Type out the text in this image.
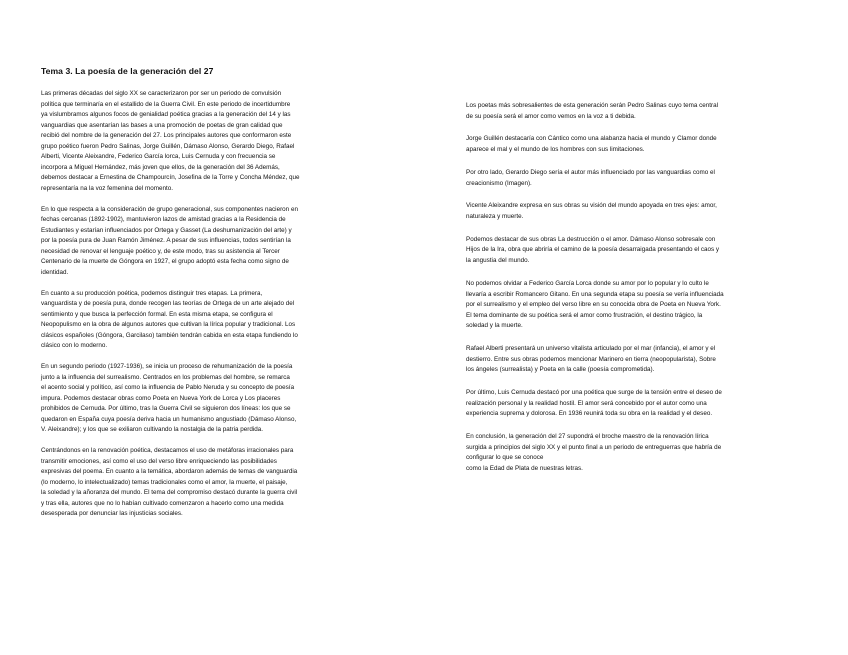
Tema 3. La poesía de la generación del 27

Las primeras décadas del siglo XX se caracterizaron por ser un periodo de convulsión
política que terminaría en el estallido de la Guerra Civil. En este periodo de incertidumbre
ya vislumbramos algunos focos de genialidad poética gracias a la generación del 14 y las
vanguardias que asentarían las bases a una promoción de poetas de gran calidad que
recibió del nombre de la generación del 27. Los principales autores que conformaron este
grupo poético fueron Pedro Salinas, Jorge Guillén, Dámaso Alonso, Gerardo Diego, Rafael
Alberti, Vicente Aleixandre, Federico García lorca, Luis Cernuda y con frecuencia se
incorpora a Miguel Hernández, más joven que ellos, de la generación del 36 Además,
debemos destacar a Ernestina de Champourcín, Josefina de la Torre y Concha Méndez, que
representaría na la voz femenina del momento.

En lo que respecta a la consideración de grupo generacional, sus componentes nacieron en
fechas cercanas (1892-1902), mantuvieron lazos de amistad gracias a la Residencia de
Estudiantes y estarían influenciados por Ortega y Gasset (La deshumanización del arte) y
por la poesía pura de Juan Ramón Jiménez. A pesar de sus influencias, todos sentirían la
necesidad de renovar el lenguaje poético y, de este modo, tras su asistencia al Tercer
Centenario de la muerte de Góngora en 1927, el grupo adoptó esta fecha como signo de
identidad.

En cuanto a su producción poética, podemos distinguir tres etapas. La primera,
vanguardista y de poesía pura, donde recogen las teorías de Ortega de un arte alejado del
sentimiento y que busca la perfección formal. En esta misma etapa, se configura el
Neopopulismo en la obra de algunos autores que cultivan la lírica popular y tradicional. Los
clásicos españoles (Góngora, Garcilaso) también tendrán cabida en esta etapa fundiendo lo
clásico con lo moderno.

En un segundo periodo (1927-1936), se inicia un proceso de rehumanización de la poesía
junto a la influencia del surrealismo. Centrados en los problemas del hombre, se remarca
el acento social y político, así como la influencia de Pablo Neruda y su concepto de poesía
impura. Podemos destacar obras como Poeta en Nueva York de Lorca y Los placeres
prohibidos de Cernuda. Por último, tras la Guerra Civil se siguieron dos líneas: los que se
quedaron en España cuya poesía deriva hacia un humanismo angustiado (Dámaso Alonso,
V. Aleixandre); y los que se exiliaron cultivando la nostalgia de la patria perdida.

Centrándonos en la renovación poética, destacamos el uso de metáforas irracionales para
transmitir emociones, así como el uso del verso libre enriqueciendo las posibilidades
expresivas del poema. En cuanto a la temática, abordaron además de temas de vanguardia
(lo moderno, lo intelectualizado) temas tradicionales como el amor, la muerte, el paisaje,
la soledad y la añoranza del mundo. El tema del compromiso destacó durante la guerra civil
y tras ella, autores que no lo habían cultivado comenzaron a hacerlo como una medida
desesperada por denunciar las injusticias sociales.

Los poetas más sobresalientes de esta generación serán Pedro Salinas cuyo tema central
de su poesía será el amor como vemos en la voz a ti debida.

Jorge Guillén destacaría con Cántico como una alabanza hacia el mundo y Clamor donde
aparece el mal y el mundo de los hombres con sus limitaciones.

Por otro lado, Gerardo Diego sería el autor más influenciado por las vanguardias como el
creacionismo (Imagen).

Vicente Aleixandre expresa en sus obras su visión del mundo apoyada en tres ejes: amor,
naturaleza y muerte.

Podemos destacar de sus obras La destrucción o el amor. Dámaso Alonso sobresale con
Hijos de la Ira, obra que abriría el camino de la poesía desarraigada presentando el caos y
la angustia del mundo.

No podemos olvidar a Federico García Lorca donde su amor por lo popular y lo culto le
llevaría a escribir Romancero Gitano. En una segunda etapa su poesía se vería influenciada
por el surrealismo y el empleo del verso libre en su conocida obra de Poeta en Nueva York.
El tema dominante de su poética será el amor como frustración, el destino trágico, la
soledad y la muerte.

Rafael Alberti presentará un universo vitalista articulado por el mar (infancia), el amor y el
destierro. Entre sus obras podemos mencionar Marinero en tierra (neopopularista), Sobre
los ángeles (surrealista) y Poeta en la calle (poesía comprometida).

Por último, Luis Cernuda destacó por una poética que surge de la tensión entre el deseo de
realización personal y la realidad hostil. El amor será concebido por el autor como una
experiencia suprema y dolorosa. En 1936 reunirá toda su obra en la realidad y el deseo.

En conclusión, la generación del 27 supondrá el broche maestro de la renovación lírica
surgida a principios del siglo XX y el punto final a un periodo de entreguerras que habría de
configurar lo que se conoce
como la Edad de Plata de nuestras letras.
